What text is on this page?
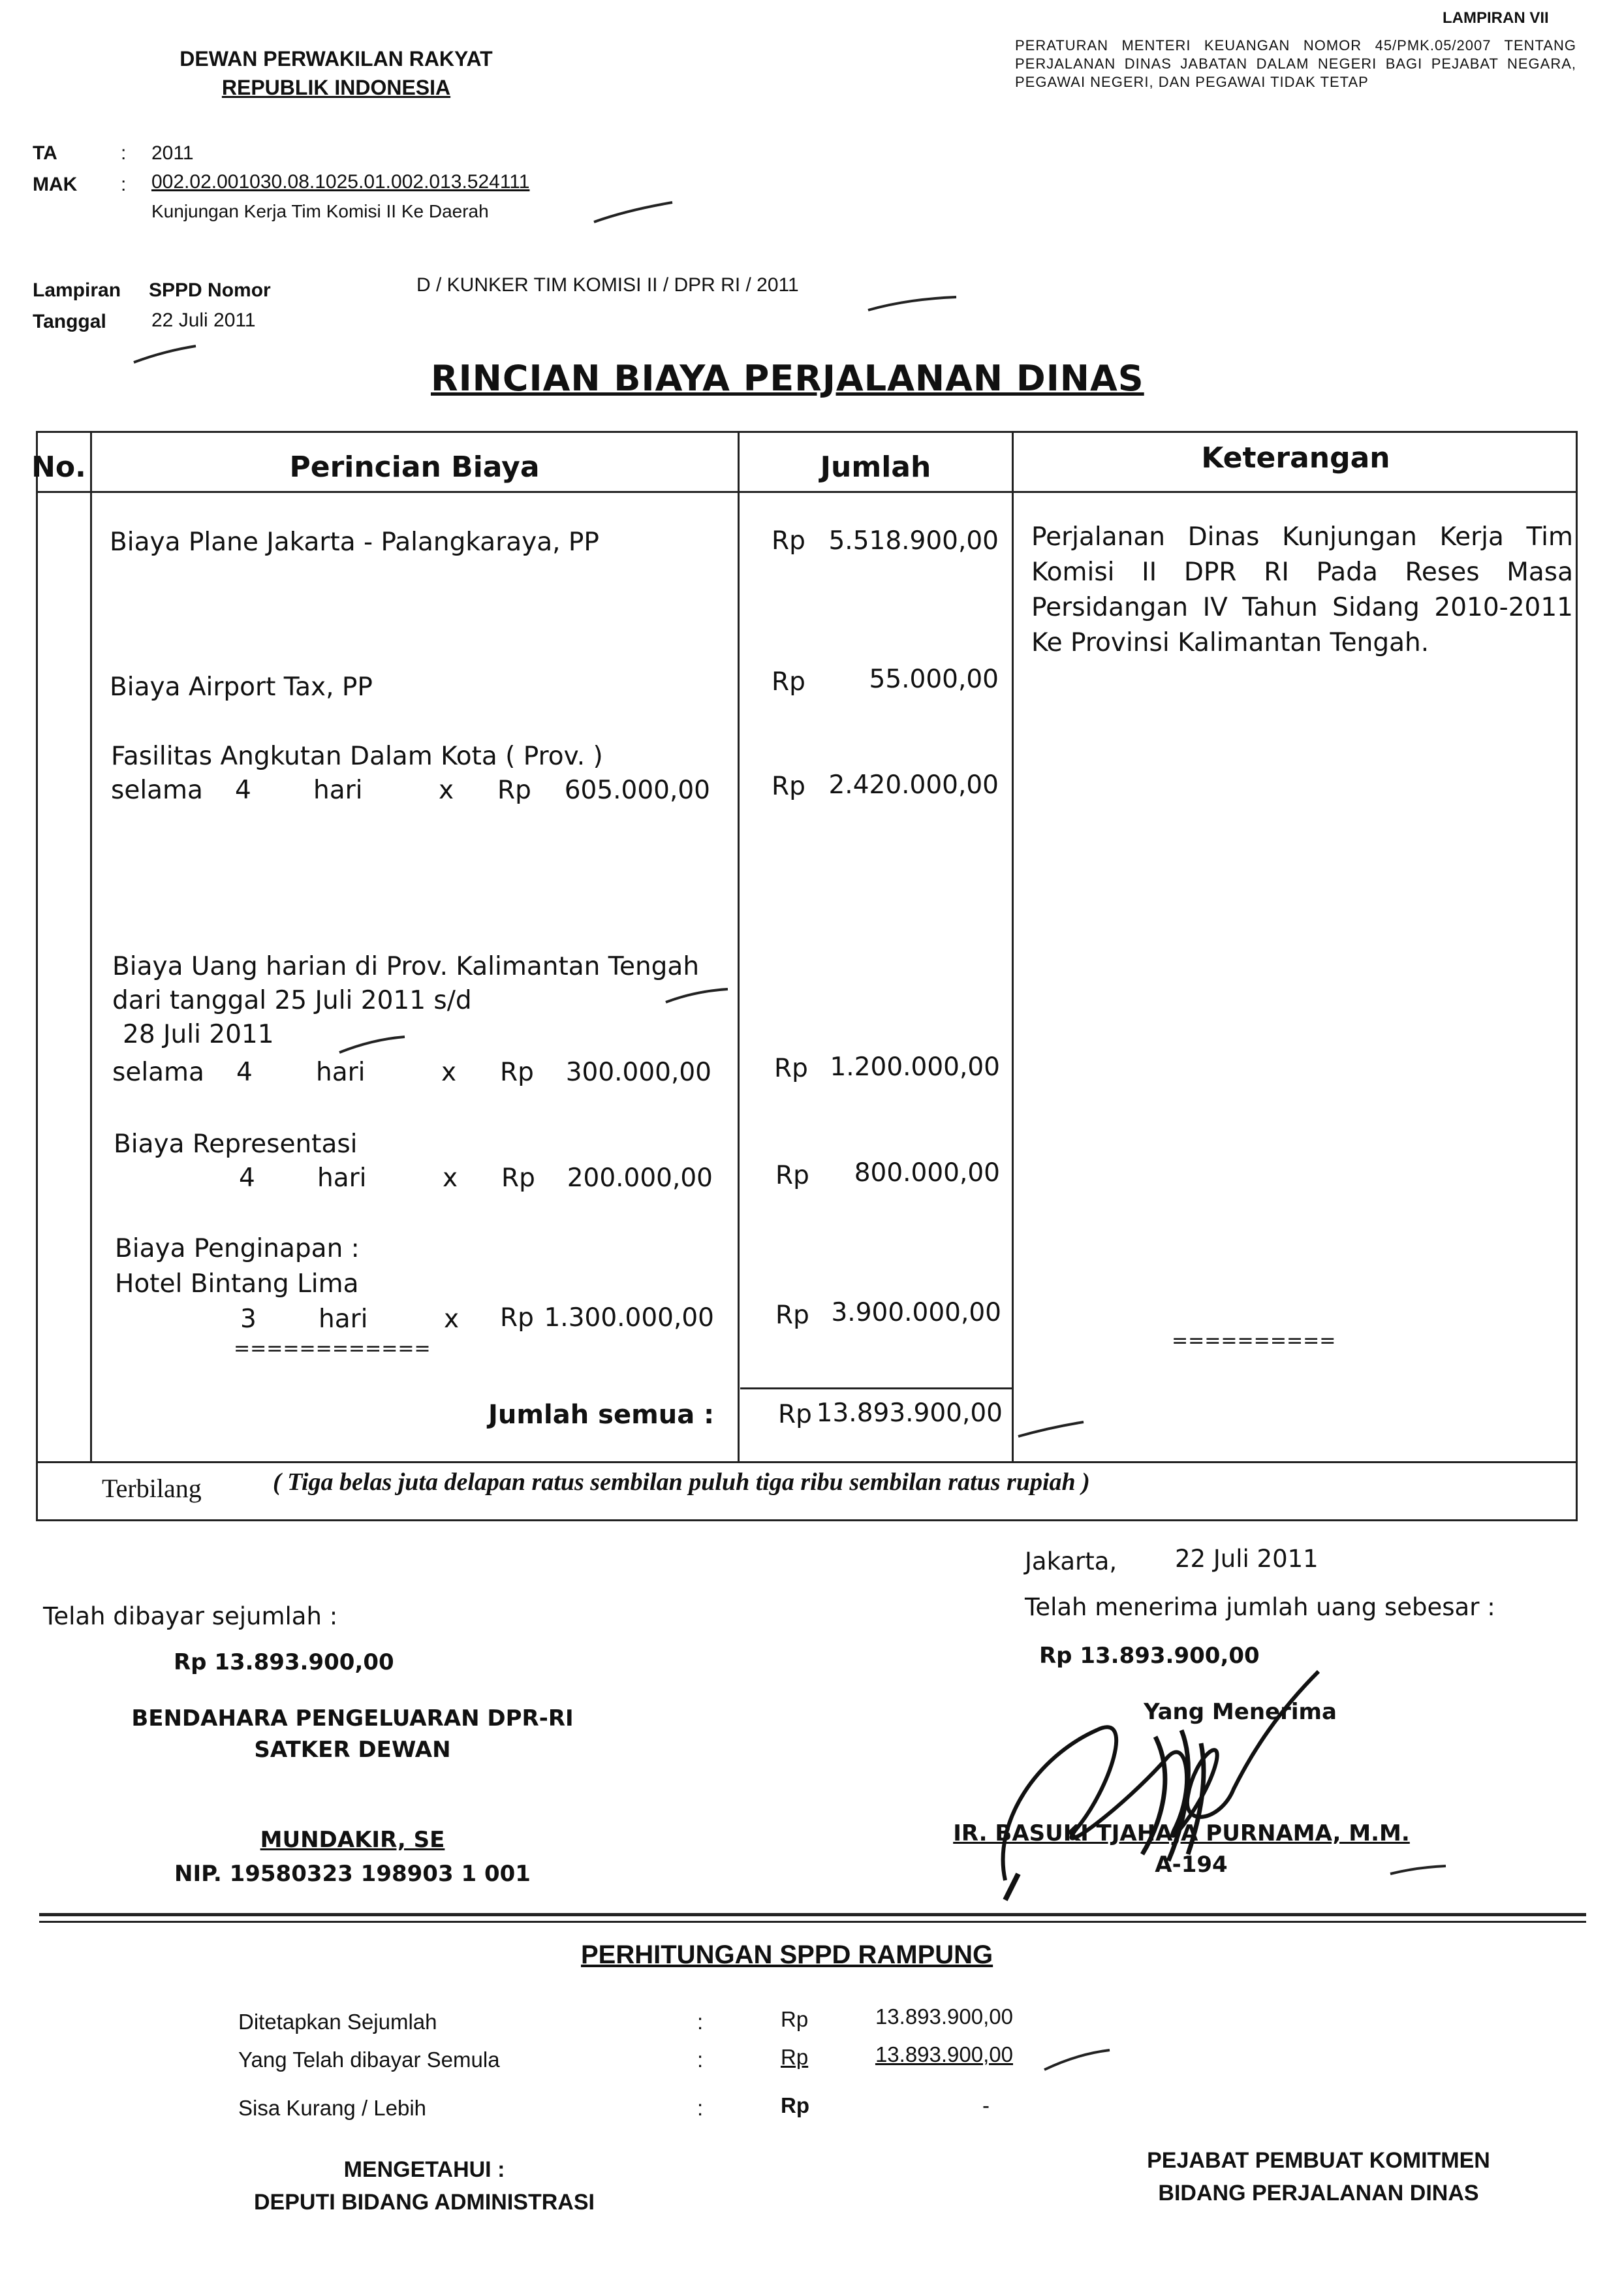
DEWAN PERWAKILAN RAKYAT
REPUBLIK INDONESIA
LAMPIRAN VII
PERATURAN MENTERI KEUANGAN NOMOR 45/PMK.05/2007 TENTANG PERJALANAN DINAS JABATAN DALAM NEGERI BAGI PEJABAT NEGARA, PEGAWAI NEGERI, DAN PEGAWAI TIDAK TETAP
TA	: 2011
MAK : 002.02.001030.08.1025.01.002.013.524111
Kunjungan Kerja Tim Komisi II Ke Daerah
Lampiran SPPD Nomor	D / KUNKER TIM KOMISI II / DPR RI / 2011
Tanggal 22 Juli 2011
RINCIAN BIAYA PERJALANAN DINAS
No.	Perincian Biaya	Jumlah	Keterangan
Biaya Plane Jakarta - Palangkaraya, PP	Rp 5.518.900,00
Biaya Airport Tax, PP	Rp	55.000,00
Fasilitas Angkutan Dalam Kota ( Prov. )
selama 4 hari	x Rp	605.000,00 Rp 2.420.000,00
Biaya Uang harian di Prov. Kalimantan Tengah
dari tanggal 25 Juli 2011 s/d
28 Juli 2011
selama 4 hari	x Rp	300.000,00 Rp 1.200.000,00
Biaya Representasi
4 hari	x Rp	200.000,00 Rp	800.000,00
Biaya Penginapan :
Hotel Bintang Lima
3 hari	x Rp 1.300.000,00 Rp 3.900.000,00
============	==========
Perjalanan Dinas Kunjungan Kerja Tim Komisi II DPR RI Pada Reses Masa Persidangan IV Tahun Sidang 2010-2011 Ke Provinsi Kalimantan Tengah.
Jumlah semua :	Rp 13.893.900,00
Terbilang	( Tiga belas juta delapan ratus sembilan puluh tiga ribu sembilan ratus rupiah )
Jakarta, 22 Juli 2011
Telah dibayar sejumlah :
Rp 13.893.900,00
Telah menerima jumlah uang sebesar :
Rp 13.893.900,00
BENDAHARA PENGELUARAN DPR-RI
SATKER DEWAN
MUNDAKIR, SE
NIP. 19580323 198903 1 001
Yang Menerima
IR. BASUKI TJAHAJA PURNAMA, M.M.
A-194
PERHITUNGAN SPPD RAMPUNG
Ditetapkan Sejumlah	:	Rp	13.893.900,00
Yang Telah dibayar Semula	:	Rp	13.893.900,00
Sisa Kurang / Lebih	:	Rp	-
MENGETAHUI :
DEPUTI BIDANG ADMINISTRASI
PEJABAT PEMBUAT KOMITMEN
BIDANG PERJALANAN DINAS
